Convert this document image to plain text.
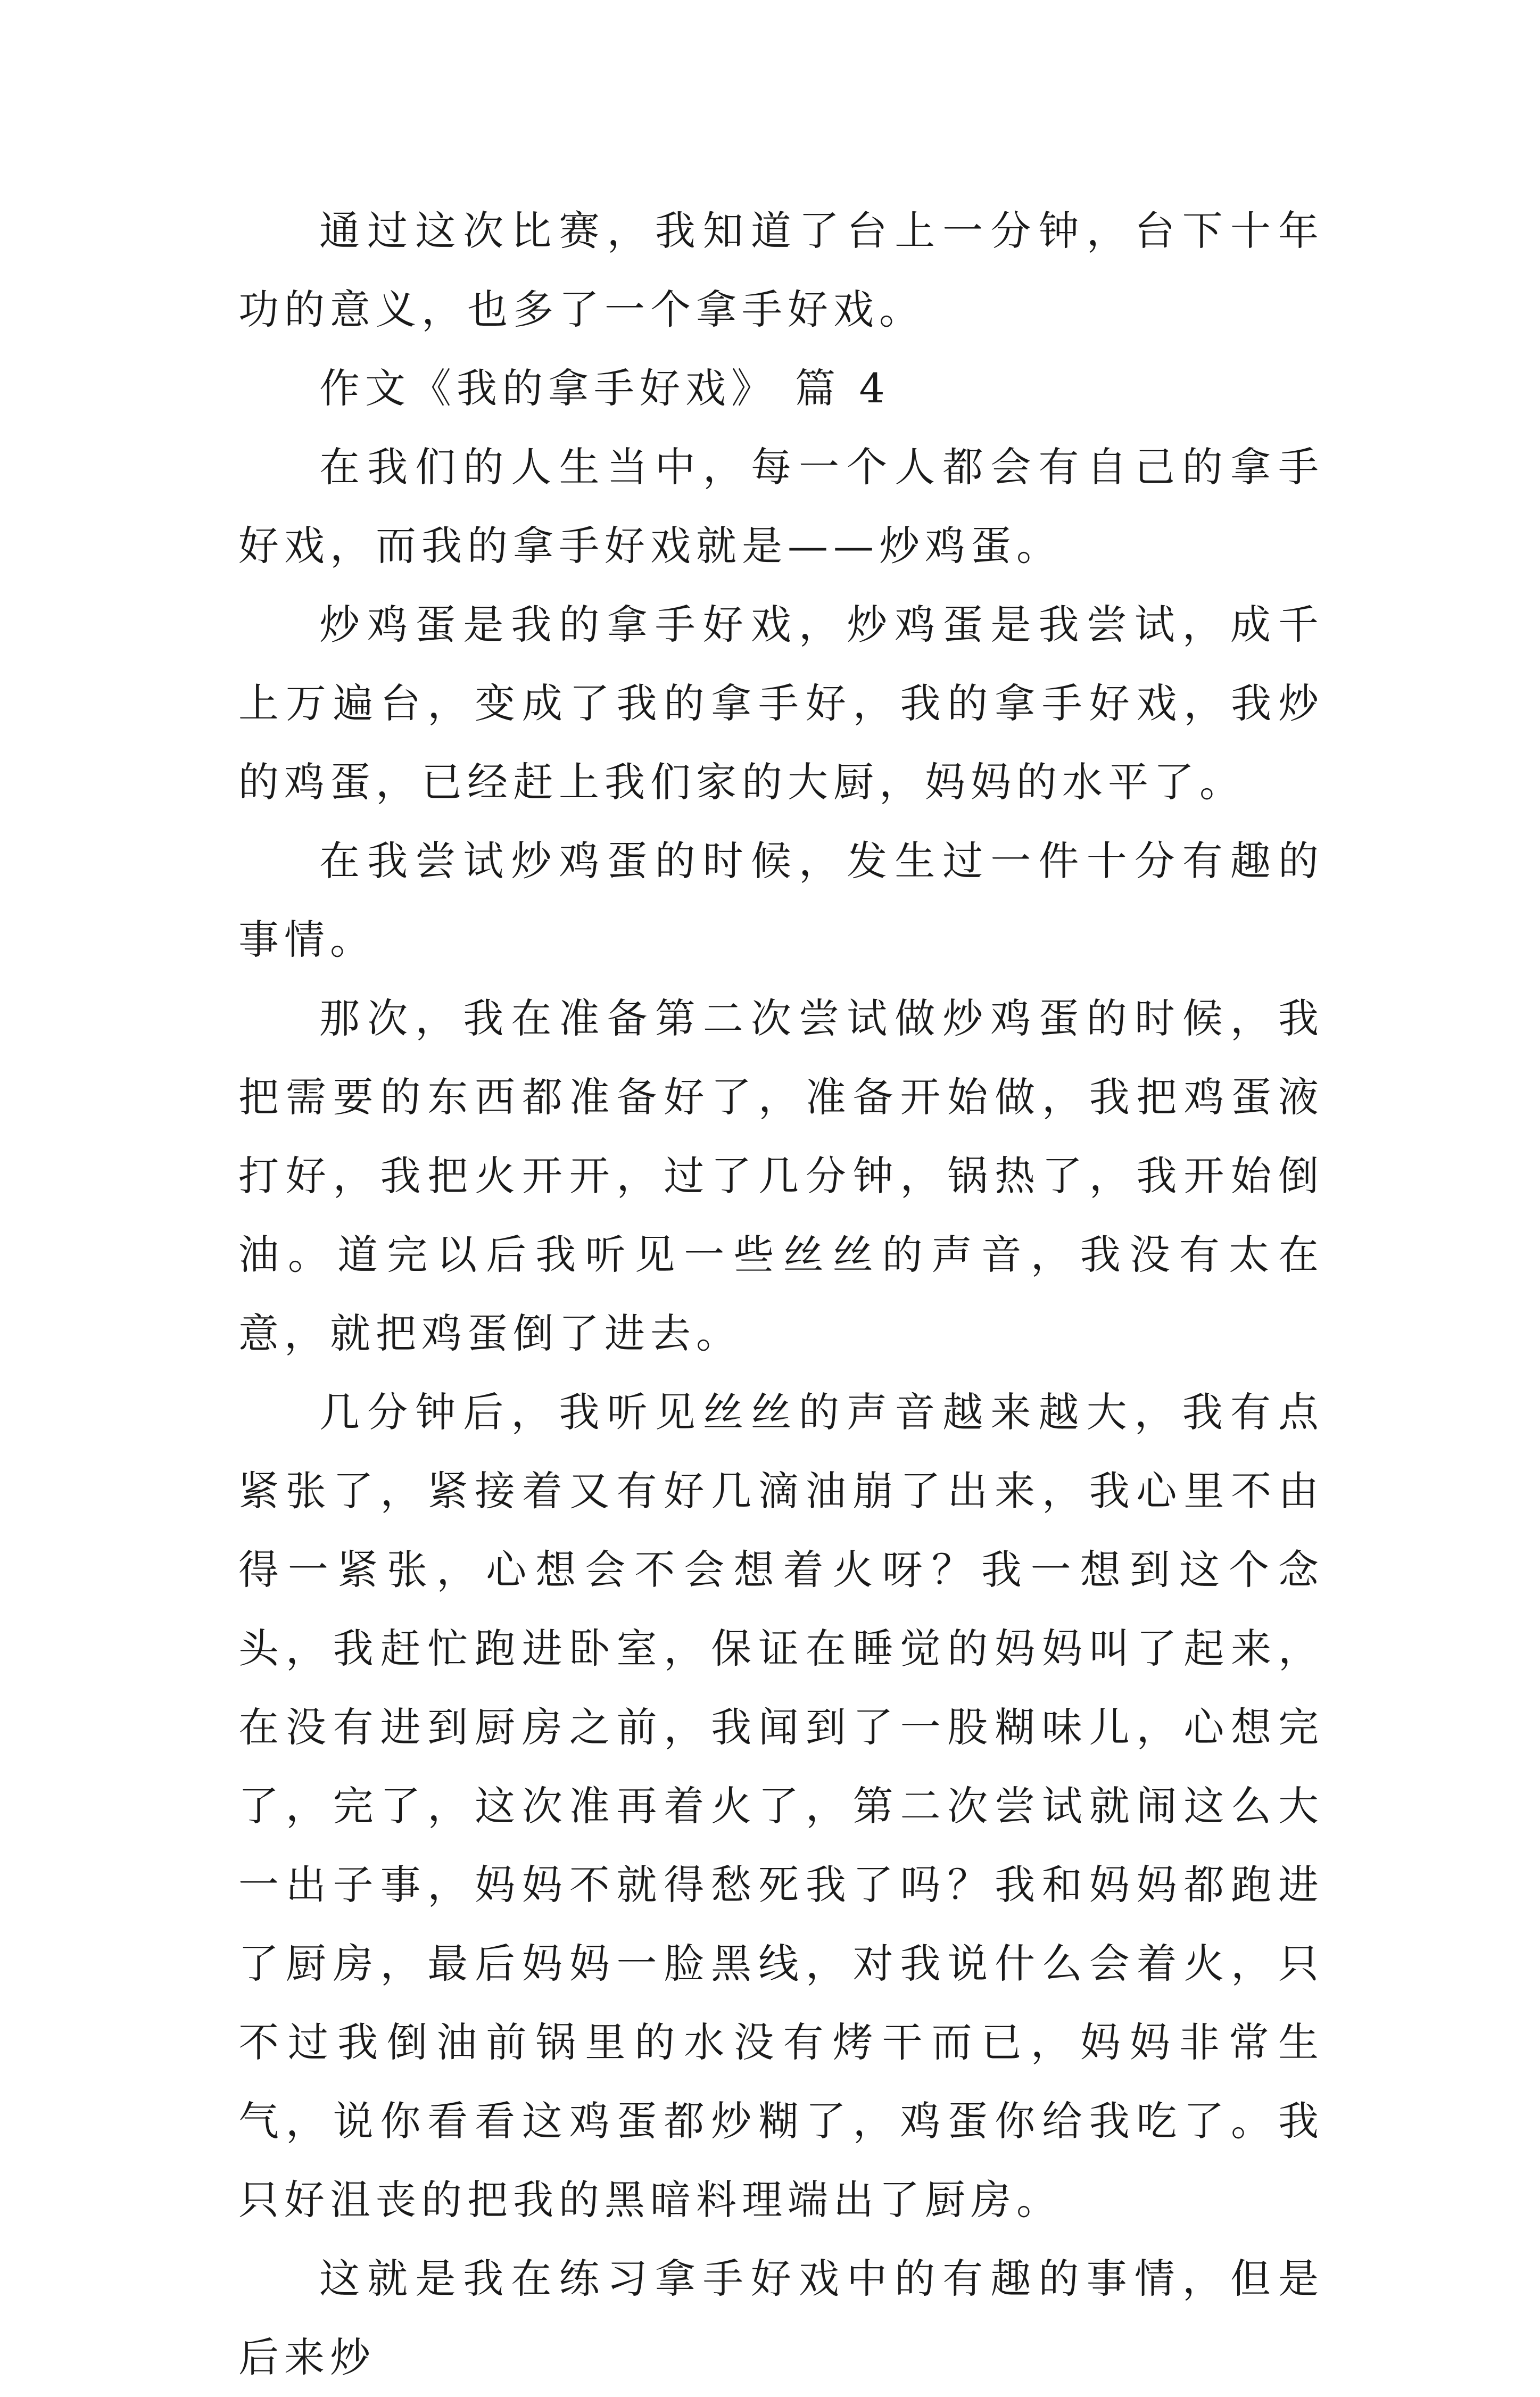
通过这次比赛，我知道了台上一分钟，台下十年功的意义，也多了一个拿手好戏。

作文《我的拿手好戏》 篇 4

在我们的人生当中，每一个人都会有自己的拿手好戏，而我的拿手好戏就是——炒鸡蛋。

炒鸡蛋是我的拿手好戏，炒鸡蛋是我尝试，成千上万遍台，变成了我的拿手好，我的拿手好戏，我炒的鸡蛋，已经赶上我们家的大厨，妈妈的水平了。

在我尝试炒鸡蛋的时候，发生过一件十分有趣的事情。

那次，我在准备第二次尝试做炒鸡蛋的时候，我把需要的东西都准备好了，准备开始做，我把鸡蛋液打好，我把火开开，过了几分钟，锅热了，我开始倒油。道完以后我听见一些丝丝的声音，我没有太在意，就把鸡蛋倒了进去。

几分钟后，我听见丝丝的声音越来越大，我有点紧张了，紧接着又有好几滴油崩了出来，我心里不由得一紧张，心想会不会想着火呀？我一想到这个念头，我赶忙跑进卧室，保证在睡觉的妈妈叫了起来，在没有进到厨房之前，我闻到了一股糊味儿，心想完了，完了，这次准再着火了，第二次尝试就闹这么大一出子事，妈妈不就得愁死我了吗？我和妈妈都跑进了厨房，最后妈妈一脸黑线，对我说什么会着火，只不过我倒油前锅里的水没有烤干而已，妈妈非常生气，说你看看这鸡蛋都炒糊了，鸡蛋你给我吃了。我只好沮丧的把我的黑暗料理端出了厨房。

这就是我在练习拿手好戏中的有趣的事情，但是后来炒
